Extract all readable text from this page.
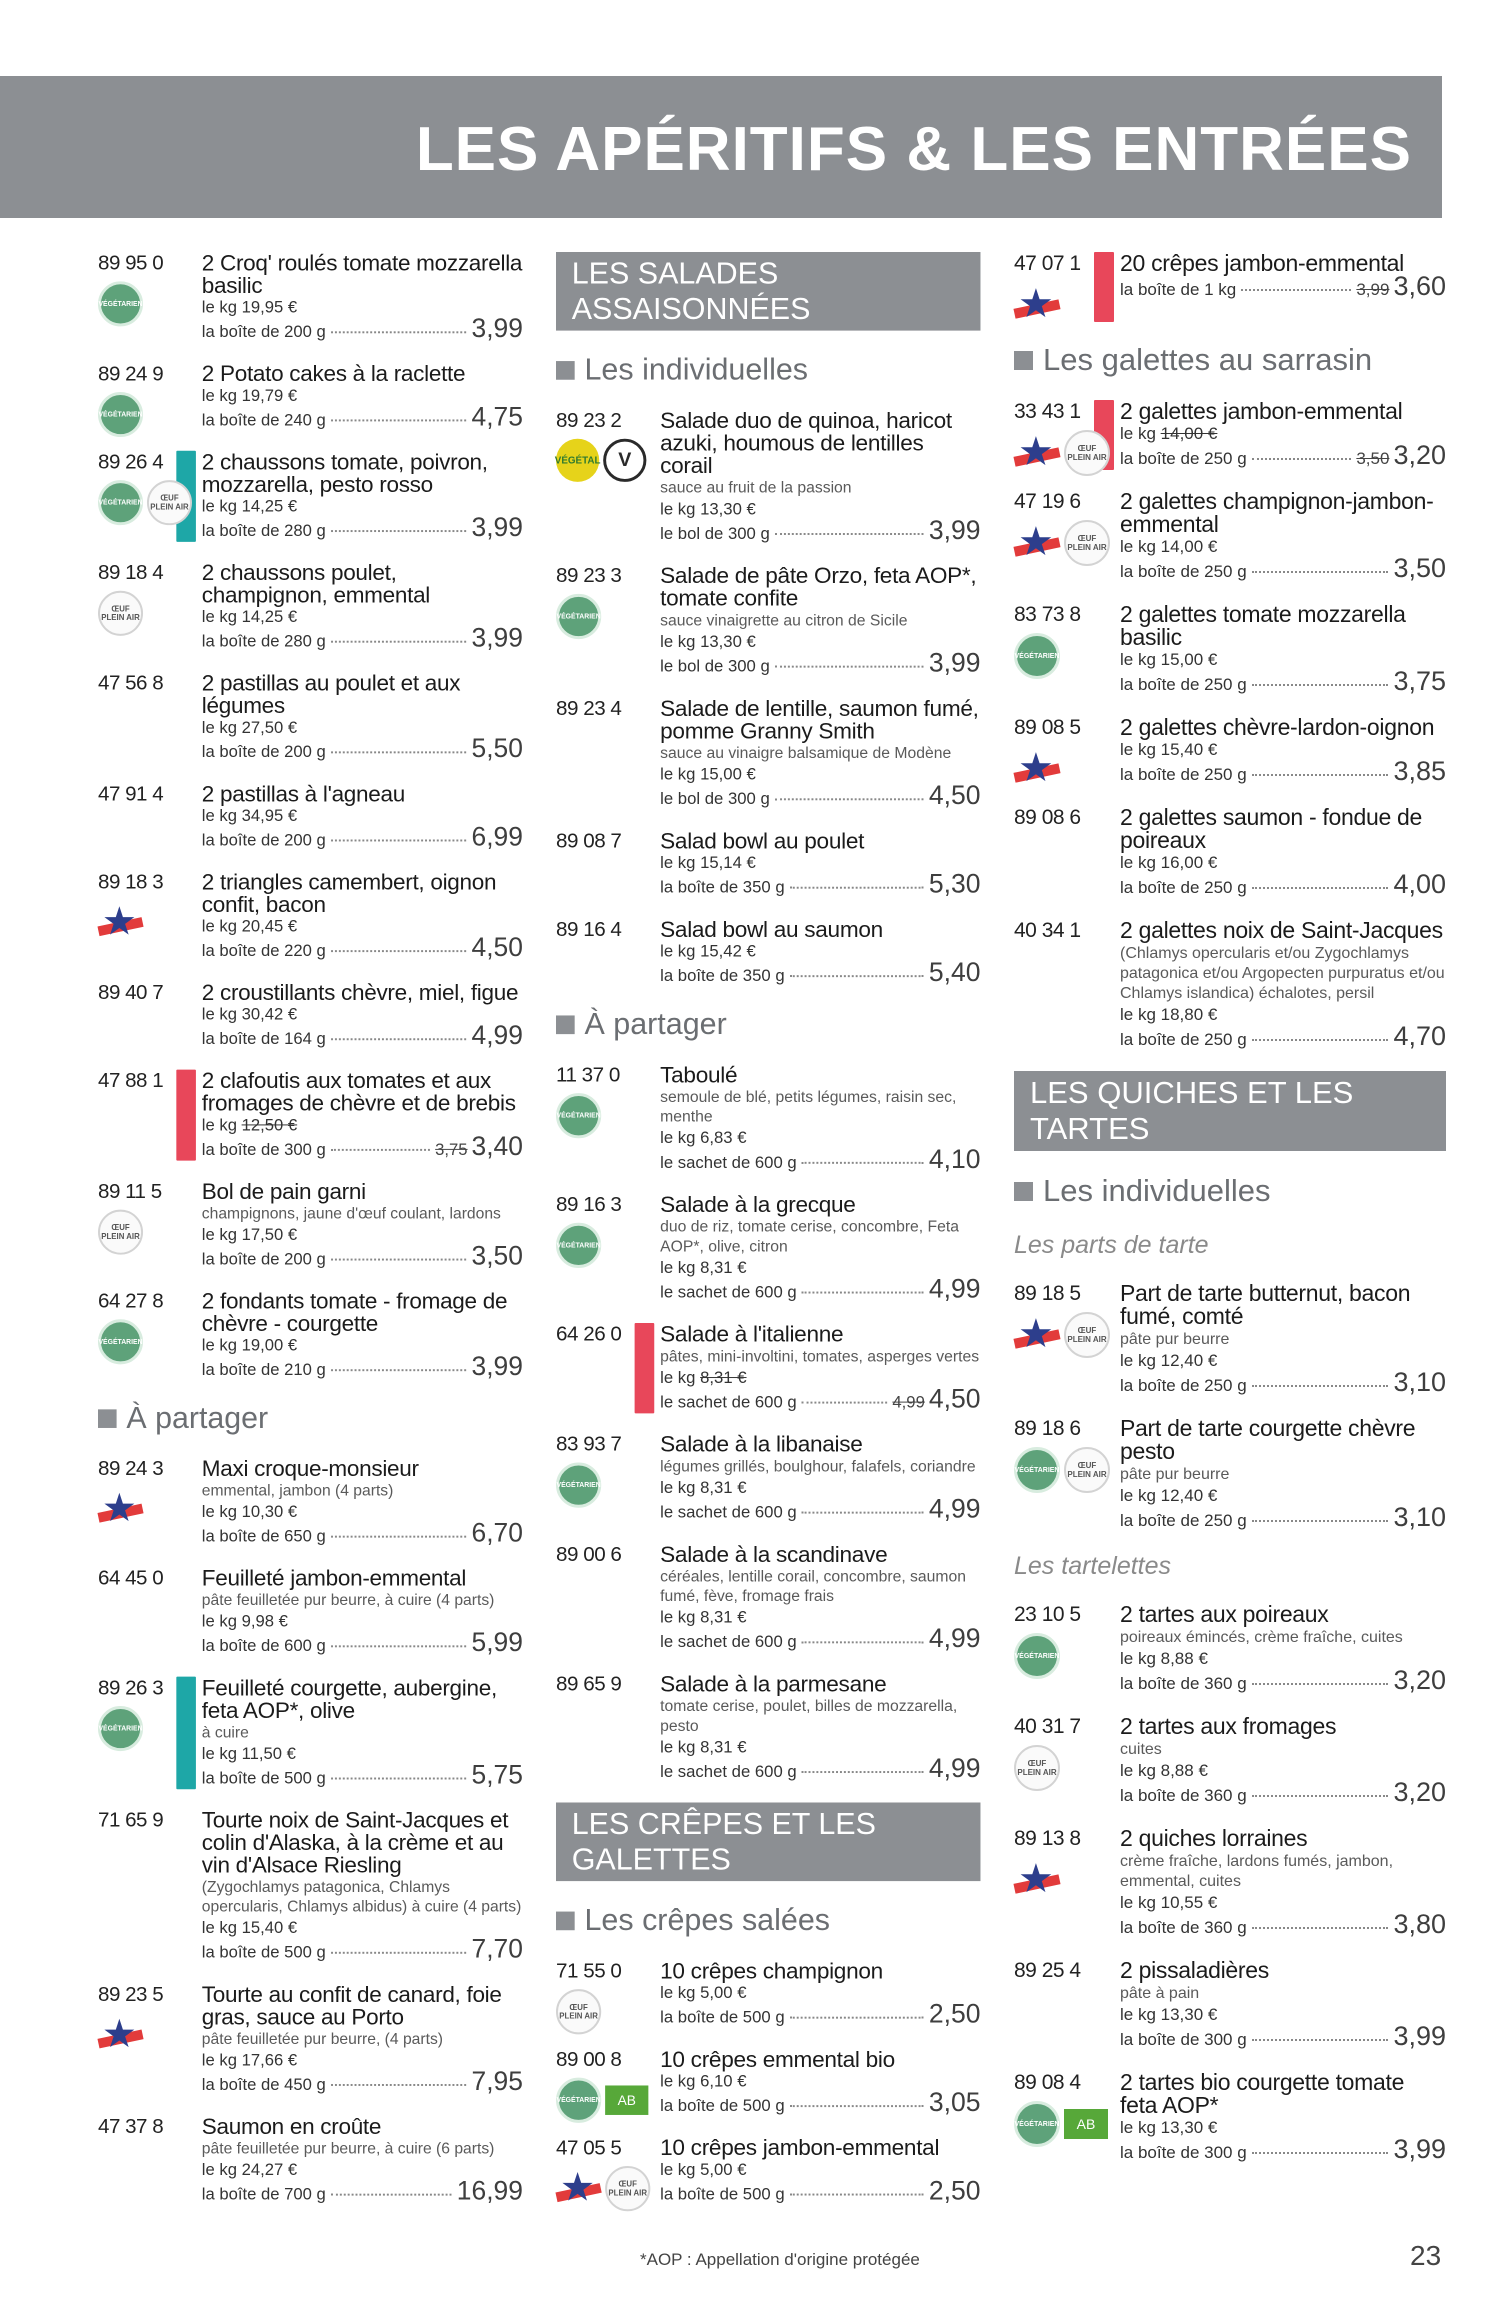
LES APÉRITIFS & LES ENTRÉES
89 95 0
VÉGÉTARIEN
2 Croq' roulés tomate mozzarella basilic
le kg 19,95 €
la boîte de 200 g	3,99
89 24 9
VÉGÉTARIEN
2 Potato cakes à la raclette
le kg 19,79 €
la boîte de 240 g	4,75
89 26 4
VÉGÉTARIEN
ŒUF PLEIN AIR
2 chaussons tomate, poivron, mozzarella, pesto rosso
le kg 14,25 €
la boîte de 280 g	3,99
89 18 4
ŒUF PLEIN AIR
2 chaussons poulet, champignon, emmental
le kg 14,25 €
la boîte de 280 g	3,99
47 56 8 2 pastillas au poulet et aux légumes
le kg 27,50 €
la boîte de 200 g	5,50
47 91 4 2 pastillas à l'agneau
le kg 34,95 €
la boîte de 200 g	6,99
89 18 3
★
2 triangles camembert, oignon confit, bacon
le kg 20,45 €
la boîte de 220 g	4,50
89 40 7 2 croustillants chèvre, miel, figue
le kg 30,42 €
la boîte de 164 g	4,99
47 88 1 2 clafoutis aux tomates et aux fromages de chèvre et de brebis
le kg 12,50 €
la boîte de 300 g	3,75 3,40
89 11 5
ŒUF PLEIN AIR
Bol de pain garni
champignons, jaune d'œuf coulant, lardons
le kg 17,50 €
la boîte de 200 g	3,50
64 27 8
VÉGÉTARIEN
2 fondants tomate - fromage de chèvre - courgette
le kg 19,00 €
la boîte de 210 g	3,99
À partager
89 24 3
★
Maxi croque-monsieur
emmental, jambon (4 parts)
le kg 10,30 €
la boîte de 650 g	6,70
64 45 0 Feuilleté jambon-emmental
pâte feuilletée pur beurre, à cuire (4 parts)
le kg 9,98 €
la boîte de 600 g	5,99
89 26 3
VÉGÉTARIEN
Feuilleté courgette, aubergine, feta AOP*, olive
à cuire
le kg 11,50 €
la boîte de 500 g	5,75
71 65 9 Tourte noix de Saint-Jacques et colin d'Alaska, à la crème et au vin d'Alsace Riesling
(Zygochlamys patagonica, Chlamys opercularis, Chlamys albidus) à cuire (4 parts)
le kg 15,40 €
la boîte de 500 g	7,70
89 23 5
★
Tourte au confit de canard, foie gras, sauce au Porto
pâte feuilletée pur beurre, (4 parts)
le kg 17,66 €
la boîte de 450 g	7,95
47 37 8 Saumon en croûte
pâte feuilletée pur beurre, à cuire (6 parts)
le kg 24,27 €
la boîte de 700 g	16,99
LES SALADES ASSAISONNÉES
Les individuelles
89 23 2
VÉGÉTAL V
Salade duo de quinoa, haricot azuki, houmous de lentilles corail
sauce au fruit de la passion
le kg 13,30 €
le bol de 300 g	3,99
89 23 3
VÉGÉTARIEN
Salade de pâte Orzo, feta AOP*, tomate confite
sauce vinaigrette au citron de Sicile
le kg 13,30 €
le bol de 300 g	3,99
89 23 4 Salade de lentille, saumon fumé, pomme Granny Smith
sauce au vinaigre balsamique de Modène
le kg 15,00 €
le bol de 300 g	4,50
89 08 7 Salad bowl au poulet
le kg 15,14 €
la boîte de 350 g	5,30
89 16 4 Salad bowl au saumon
le kg 15,42 €
la boîte de 350 g	5,40
À partager
11 37 0
VÉGÉTARIEN
Taboulé
semoule de blé, petits légumes, raisin sec, menthe
le kg 6,83 €
le sachet de 600 g	4,10
89 16 3
VÉGÉTARIEN
Salade à la grecque
duo de riz, tomate cerise, concombre, Feta AOP*, olive, citron
le kg 8,31 €
le sachet de 600 g	4,99
64 26 0 Salade à l'italienne
pâtes, mini-involtini, tomates, asperges vertes
le kg 8,31 €
le sachet de 600 g	4,99 4,50
83 93 7
VÉGÉTARIEN
Salade à la libanaise
légumes grillés, boulghour, falafels, coriandre
le kg 8,31 €
le sachet de 600 g	4,99
89 00 6 Salade à la scandinave
céréales, lentille corail, concombre, saumon fumé, fève, fromage frais
le kg 8,31 €
le sachet de 600 g	4,99
89 65 9 Salade à la parmesane
tomate cerise, poulet, billes de mozzarella, pesto
le kg 8,31 €
le sachet de 600 g	4,99
LES CRÊPES ET LES GALETTES
Les crêpes salées
71 55 0
ŒUF PLEIN AIR
10 crêpes champignon
le kg 5,00 €
la boîte de 500 g	2,50
89 00 8
VÉGÉTARIEN	AB
10 crêpes emmental bio
le kg 6,10 €
la boîte de 500 g	3,05
47 05 5
★	ŒUF PLEIN AIR
10 crêpes jambon-emmental
le kg 5,00 €
la boîte de 500 g	2,50
47 07 1
★
20 crêpes jambon-emmental
la boîte de 1 kg	3,99 3,60
Les galettes au sarrasin
33 43 1
★	ŒUF PLEIN AIR
2 galettes jambon-emmental
le kg 14,00 €
la boîte de 250 g	3,50 3,20
47 19 6
★	ŒUF PLEIN AIR
2 galettes champignon-jambon-emmental
le kg 14,00 €
la boîte de 250 g	3,50
83 73 8
VÉGÉTARIEN
2 galettes tomate mozzarella basilic
le kg 15,00 €
la boîte de 250 g	3,75
89 08 5
★
2 galettes chèvre-lardon-oignon
le kg 15,40 €
la boîte de 250 g	3,85
89 08 6 2 galettes saumon - fondue de poireaux
le kg 16,00 €
la boîte de 250 g	4,00
40 34 1 2 galettes noix de Saint-Jacques
(Chlamys opercularis et/ou Zygochlamys patagonica et/ou Argopecten purpuratus et/ou Chlamys islandica) échalotes, persil
le kg 18,80 €
la boîte de 250 g	4,70
LES QUICHES ET LES TARTES
Les individuelles
Les parts de tarte
89 18 5
★	ŒUF PLEIN AIR
Part de tarte butternut, bacon fumé, comté
pâte pur beurre
le kg 12,40 €
la boîte de 250 g	3,10
89 18 6
VÉGÉTARIEN	ŒUF PLEIN AIR
Part de tarte courgette chèvre pesto
pâte pur beurre
le kg 12,40 €
la boîte de 250 g	3,10
Les tartelettes
23 10 5
VÉGÉTARIEN
2 tartes aux poireaux
poireaux émincés, crème fraîche, cuites
le kg 8,88 €
la boîte de 360 g	3,20
40 31 7
ŒUF PLEIN AIR
2 tartes aux fromages
cuites
le kg 8,88 €
la boîte de 360 g	3,20
89 13 8
★
2 quiches lorraines
crème fraîche, lardons fumés, jambon, emmental, cuites
le kg 10,55 €
la boîte de 360 g	3,80
89 25 4 2 pissaladières
pâte à pain
le kg 13,30 €
la boîte de 300 g	3,99
89 08 4
VÉGÉTARIEN	AB
2 tartes bio courgette tomate feta AOP*
le kg 13,30 €
la boîte de 300 g	3,99
*AOP : Appellation d'origine protégée	23
